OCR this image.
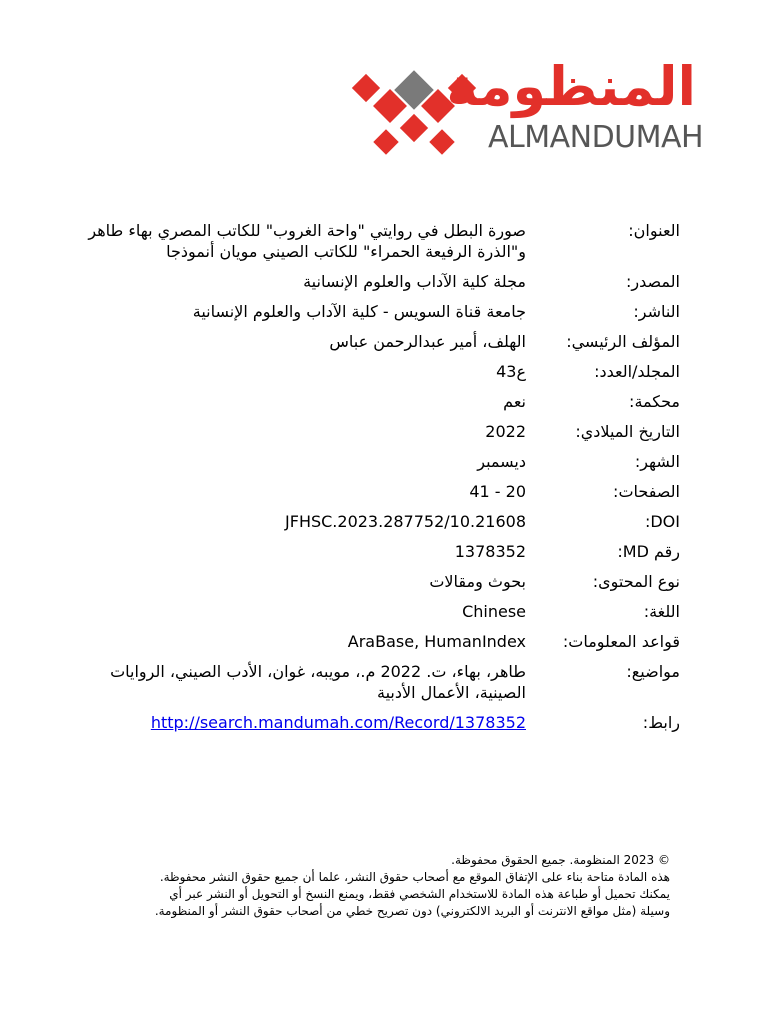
المنظومة
ALMANDUMAH
العنوان:	صورة البطل في روايتي "واحة الغروب" للكاتب المصري بهاء طاهر و"الذرة الرفيعة الحمراء" للكاتب الصيني مويان أنموذجا
المصدر:	مجلة كلية الآداب والعلوم الإنسانية
الناشر:	جامعة قناة السويس - كلية الآداب والعلوم الإنسانية
المؤلف الرئيسي:	الهلف، أمير عبدالرحمن عباس
المجلد/العدد:	ع43
محكمة:	نعم
التاريخ الميلادي:	2022
الشهر:	ديسمبر
الصفحات:	20 - 41
DOI:	10.21608/JFHSC.2023.287752
رقم MD:	1378352
نوع المحتوى:	بحوث ومقالات
اللغة:	Chinese
قواعد المعلومات:	AraBase, HumanIndex
مواضيع:	طاهر، بهاء، ت. 2022 م.، مويبه، غوان، الأدب الصيني، الروايات الصينية، الأعمال الأدبية
رابط:	http://search.mandumah.com/Record/1378352
© 2023 المنظومة. جميع الحقوق محفوظة.
هذه المادة متاحة بناء على الإتفاق الموقع مع أصحاب حقوق النشر، علما أن جميع حقوق النشر محفوظة.
يمكنك تحميل أو طباعة هذه المادة للاستخدام الشخصي فقط، ويمنع النسخ أو التحويل أو النشر عبر أي
وسيلة (مثل مواقع الانترنت أو البريد الالكتروني) دون تصريح خطي من أصحاب حقوق النشر أو المنظومة.
